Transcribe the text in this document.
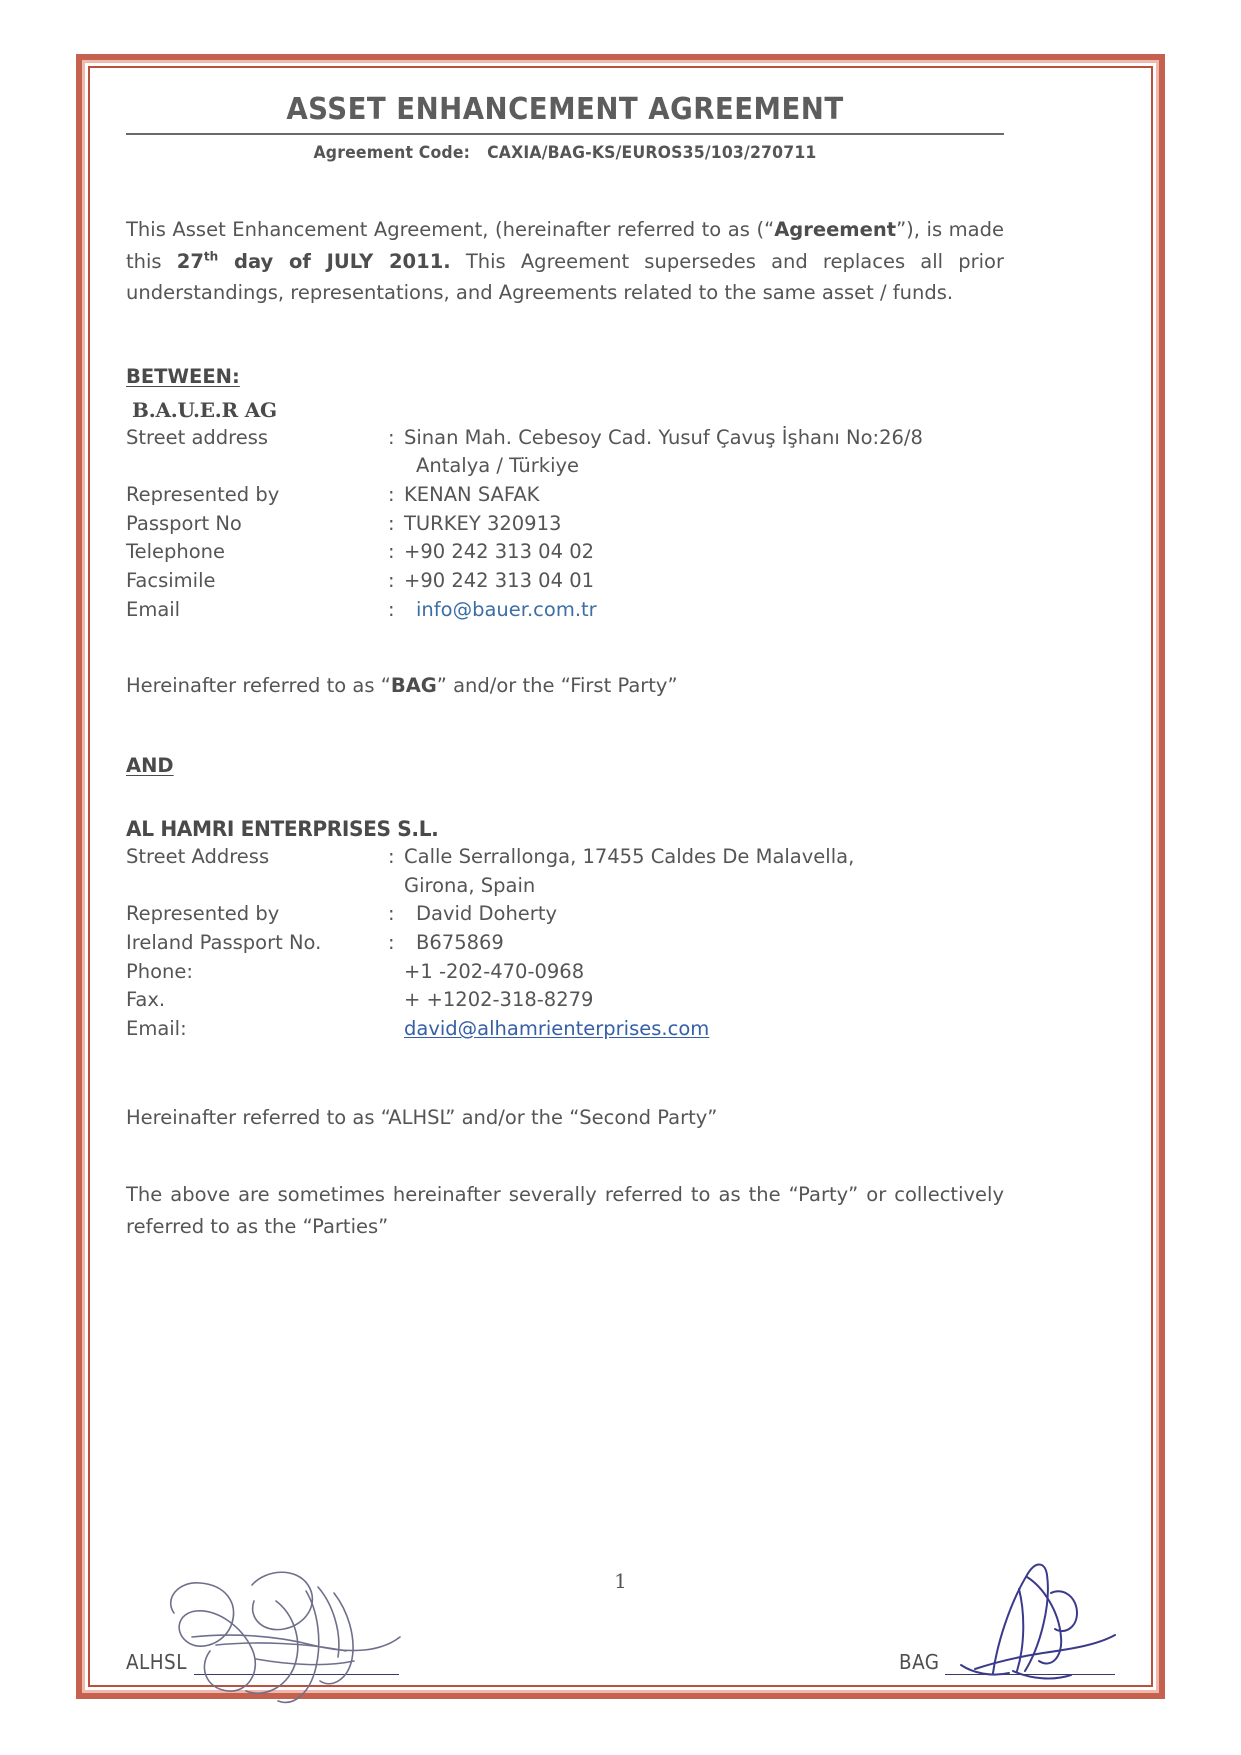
ASSET ENHANCEMENT AGREEMENT
Agreement Code: CAXIA/BAG-KS/EUROS35/103/270711

This Asset Enhancement Agreement, (hereinafter referred to as (“Agreement”), is made this 27th day of JULY 2011. This Agreement supersedes and replaces all prior understandings, representations, and Agreements related to the same asset / funds.

BETWEEN:
B.A.U.E.R AG
Street address	: Sinan Mah. Cebesoy Cad. Yusuf Çavuş İşhanı No:26/8
Antalya / Türkiye
Represented by	: KENAN SAFAK
Passport No	: TURKEY 320913
Telephone	: +90 242 313 04 02
Facsimile	: +90 242 313 04 01
Email	:	info@bauer.com.tr

Hereinafter referred to as “BAG” and/or the “First Party”

AND
AL HAMRI ENTERPRISES S.L.
Street Address	: Calle Serrallonga, 17455 Caldes De Malavella,
Girona, Spain
Represented by	:	David Doherty
Ireland Passport No.	:	B675869
Phone:	+1 -202-470-0968
Fax.	+ +1202-318-8279
Email:	david@alhamrienterprises.com

Hereinafter referred to as “ALHSL” and/or the “Second Party”

The above are sometimes hereinafter severally referred to as the “Party” or collectively referred to as the “Parties”

1
ALHSL	BAG
